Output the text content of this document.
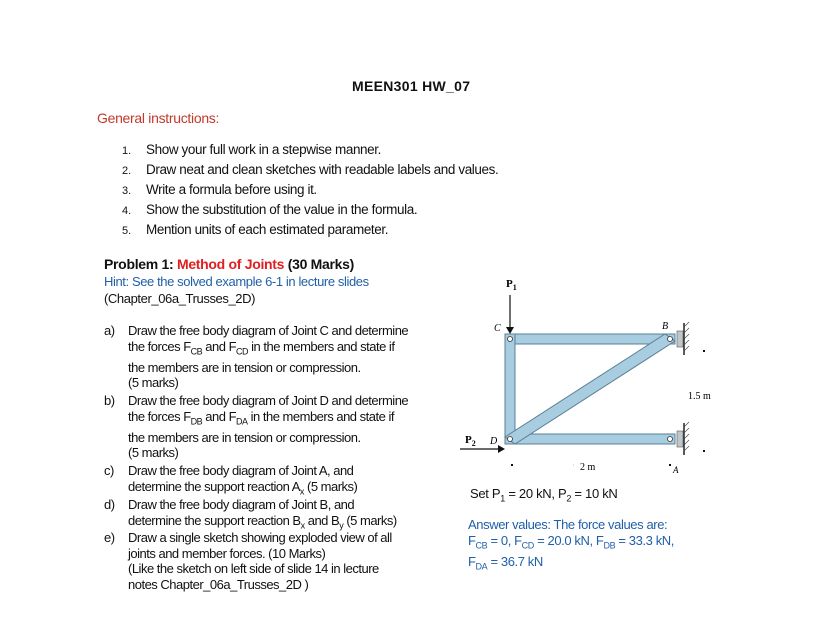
MEEN301 HW_07
General instructions:
1. Show your full work in a stepwise manner.
2. Draw neat and clean sketches with readable labels and values.
3. Write a formula before using it.
4. Show the substitution of the value in the formula.
5. Mention units of each estimated parameter.
Problem 1: Method of Joints (30 Marks)
Hint: See the solved example 6-1 in lecture slides
(Chapter_06a_Trusses_2D)
a) Draw the free body diagram of Joint C and determine
the forces $F_{CB}$ and $F_{CD}$ in the members and state if
the members are in tension or compression.
(5 marks)
b) Draw the free body diagram of Joint D and determine
the forces $F_{DB}$ and $F_{DA}$ in the members and state if
the members are in tension or compression.
(5 marks)
c) Draw the free body diagram of Joint A, and
determine the support reaction $A_x$ (5 marks)
d) Draw the free body diagram of Joint B, and
determine the support reaction $B_x$ and $B_y$ (5 marks)
e) Draw a single sketch showing exploded view of all
joints and member forces. (10 Marks)
(Like the sketch on left side of slide 14 in lecture
notes Chapter_06a_Trusses_2D )
$P_1$
$P_2$
C
D
B
A
2 m
1.5 m
Set $P_1 = 20$ kN, $P_2 = 10$ kN
Answer values: The force values are:
$F_{CB} = 0$, $F_{CD} = 20.0$ kN, $F_{DB} = 33.3$ kN,
$F_{DA} = 36.7$ kN
